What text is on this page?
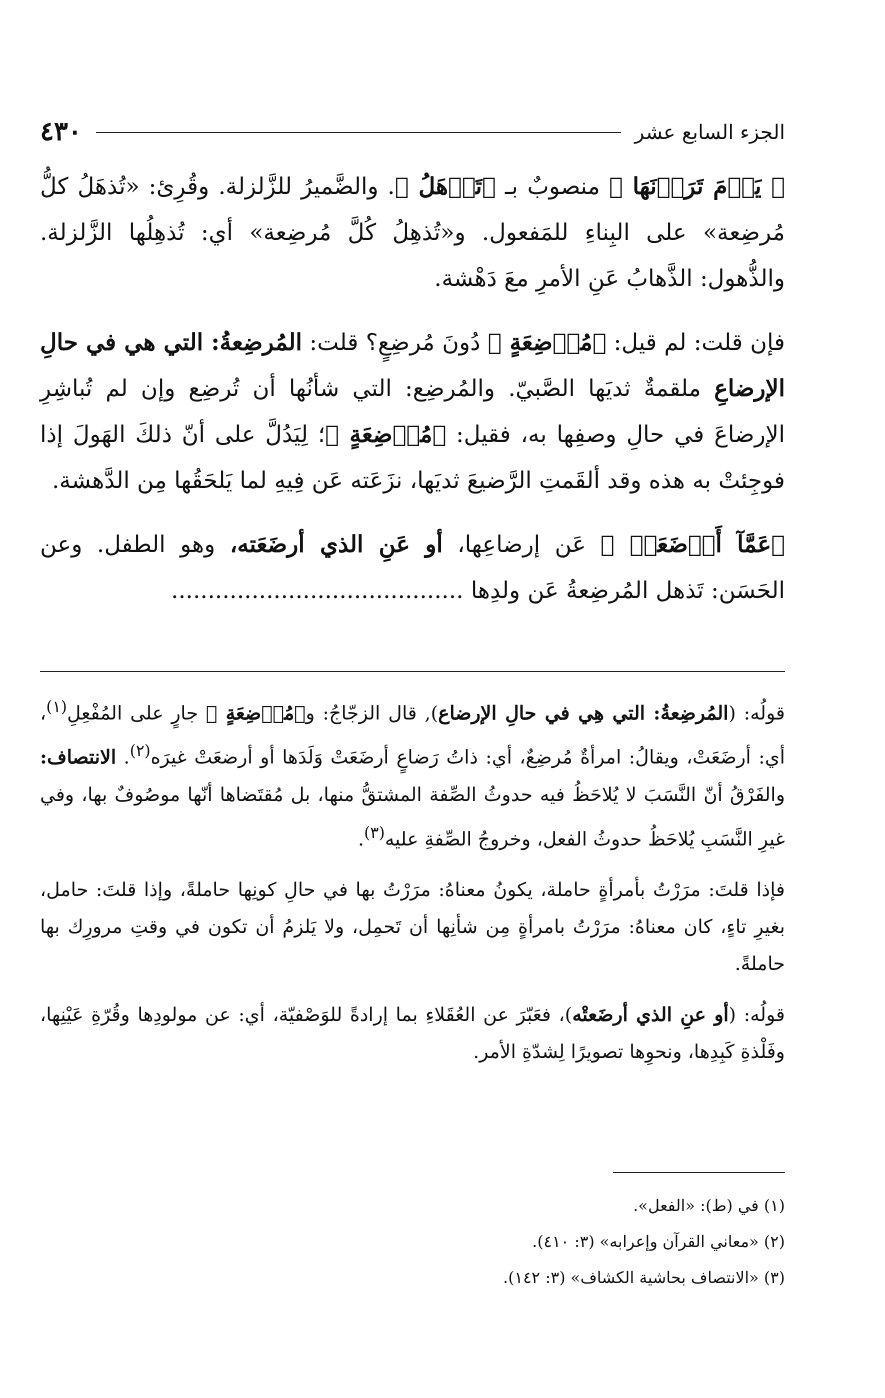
الجزء السابع عشر
٤٣٠

﴿ يَوۡمَ تَرَوۡنَهَا ﴾ منصوبٌ بـ ﴿تَذۡهَلُ ﴾. والضَّميرُ للزَّلزلة. وقُرِئ: «تُذهَلُ كلُّ مُرضِعة» على البِناءِ للمَفعول. و«تُذهِلُ كُلَّ مُرضِعة» أي: تُذهِلُها الزَّلزلة. والذُّهول: الذَّهابُ عَنِ الأمرِ معَ دَهْشة.

فإن قلت: لم قيل: ﴿مُرۡضِعَةٍ ﴾ دُونَ مُرضِعٍ؟ قلت: المُرضِعةُ: التي هي في حالِ الإرضاعِ ملقمةٌ ثديَها الصَّبيّ. والمُرضِع: التي شأنُها أن تُرضِع وإن لم تُباشِرِ الإرضاعَ في حالِ وصفِها به، فقيل: ﴿مُرۡضِعَةٍ ﴾؛ لِيَدُلَّ على أنّ ذلكَ الهَولَ إذا فوجِئتْ به هذه وقد ألقَمتِ الرَّضيعَ ثديَها، نزَعَته عَن فِيهِ لما يَلحَقُها مِن الدَّهشة.

﴿عَمَّآ أَرۡضَعَتۡ ﴾ عَن إرضاعِها، أو عَنِ الذي أرضَعَته، وهو الطفل. وعن الحَسَن: تَذهل المُرضِعةُ عَن ولدِها ........................................

قولُه: (المُرضِعةُ: التي هِي في حالِ الإرضاع), قال الزجّاجُ: و﴿مُرۡضِعَةٍ ﴾ جارٍ على المُفْعِلِ$^{(١)}$، أي: أرضَعَتْ، ويقالُ: امرأةٌ مُرضِعٌ، أي: ذاتُ رَضاعٍ أرضَعَتْ وَلَدَها أو أرضعَتْ غيرَه$^{(٢)}$. الانتصاف: والفَرْقُ أنّ النَّسَبَ لا يُلاحَظُ فيه حدوثُ الصِّفة المشتقُّ منها، بل مُقتَضاها أنّها موصُوفٌ بها، وفي غيرِ النَّسَبِ يُلاحَظُ حدوثُ الفعل، وخروجُ الصِّفةِ عليه$^{(٣)}$.

فإذا قلتَ: مرَرْتُ بأمرأةٍ حاملة، يكونُ معناهُ: مرَرْتُ بها في حالِ كونِها حاملةً، وإذا قلتَ: حامل، بغيرِ تاءٍ، كان معناهُ: مرَرْتُ بامرأةٍ مِن شأنِها أن تَحمِل، ولا يَلزمُ أن تكون في وقتِ مرورِك بها حاملةً.

قولُه: (أو عنِ الذي أرضَعتْه)، فعَبّرَ عن العُقَلاءِ بما إرادةً للوَصْفيّة، أي: عن مولودِها وقُرّةِ عَيْنِها، وفَلْذةِ كَبِدِها، ونحوِها تصويرًا لِشدّةِ الأمر.

(١) في (ط): «الفعل».

(٢) «معاني القرآن وإعرابه» (٣: ٤١٠).

(٣) «الانتصاف بحاشية الكشاف» (٣: ١٤٢).
